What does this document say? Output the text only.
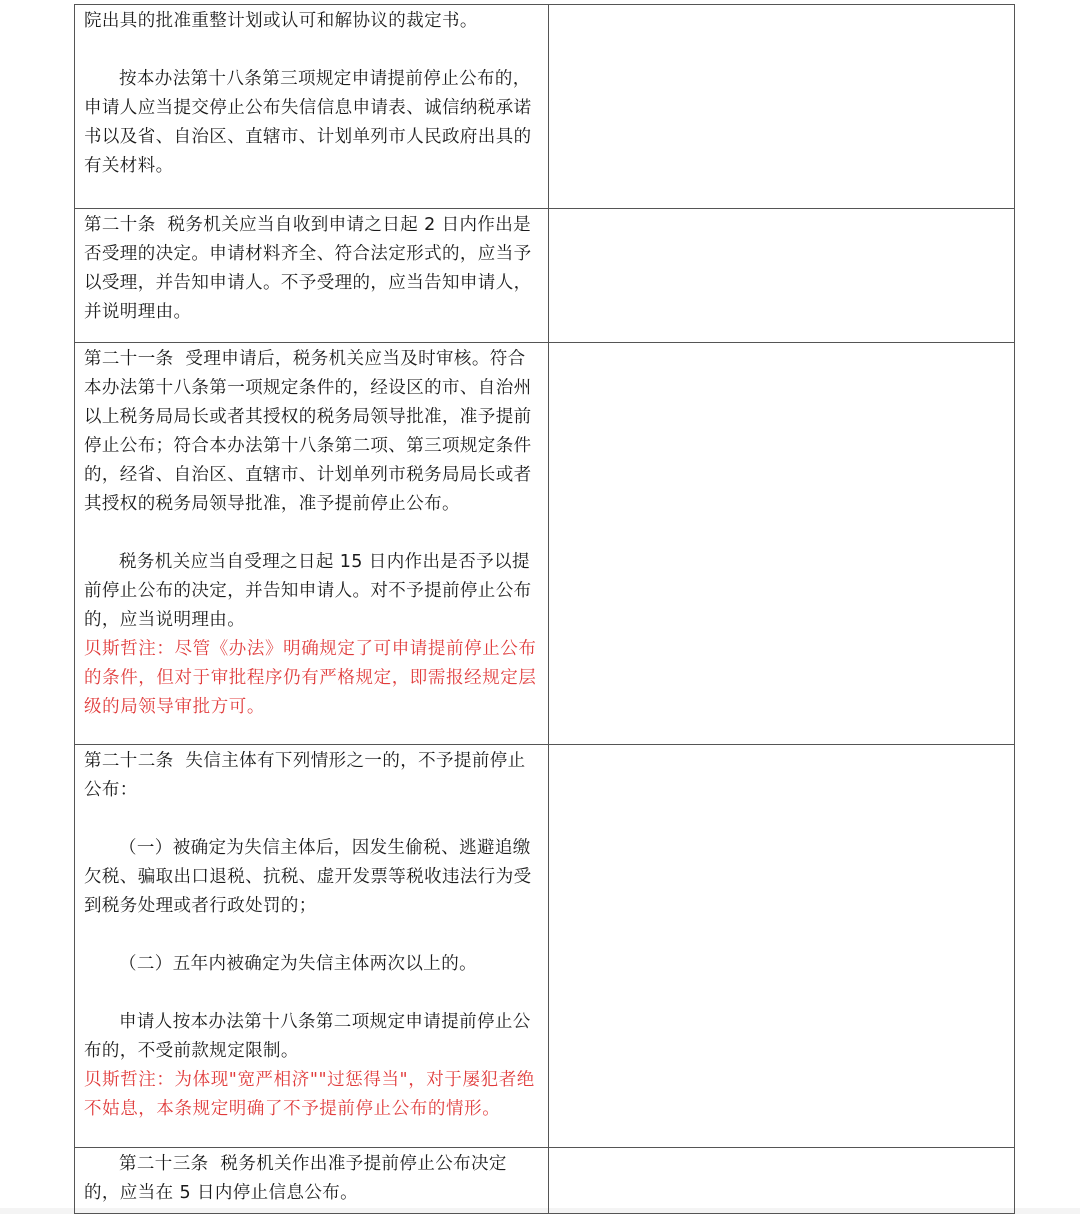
院出具的批准重整计划或认可和解协议的裁定书。

按本办法第十八条第三项规定申请提前停止公布的，申请人应当提交停止公布失信信息申请表、诚信纳税承诺书以及省、自治区、直辖市、计划单列市人民政府出具的有关材料。	

第二十条  税务机关应当自收到申请之日起 2 日内作出是否受理的决定。申请材料齐全、符合法定形式的，应当予以受理，并告知申请人。不予受理的，应当告知申请人，并说明理由。	

第二十一条  受理申请后，税务机关应当及时审核。符合本办法第十八条第一项规定条件的，经设区的市、自治州以上税务局局长或者其授权的税务局领导批准，准予提前停止公布；符合本办法第十八条第二项、第三项规定条件的，经省、自治区、直辖市、计划单列市税务局局长或者其授权的税务局领导批准，准予提前停止公布。

税务机关应当自受理之日起 15 日内作出是否予以提前停止公布的决定，并告知申请人。对不予提前停止公布的，应当说明理由。

贝斯哲注：尽管《办法》明确规定了可申请提前停止公布的条件，但对于审批程序仍有严格规定，即需报经规定层级的局领导审批方可。	

第二十二条  失信主体有下列情形之一的，不予提前停止公布：

（一）被确定为失信主体后，因发生偷税、逃避追缴欠税、骗取出口退税、抗税、虚开发票等税收违法行为受到税务处理或者行政处罚的；

（二）五年内被确定为失信主体两次以上的。

申请人按本办法第十八条第二项规定申请提前停止公布的，不受前款规定限制。

贝斯哲注：为体现"宽严相济""过惩得当"，对于屡犯者绝不姑息，本条规定明确了不予提前停止公布的情形。	

第二十三条  税务机关作出准予提前停止公布决定的，应当在 5 日内停止信息公布。	
